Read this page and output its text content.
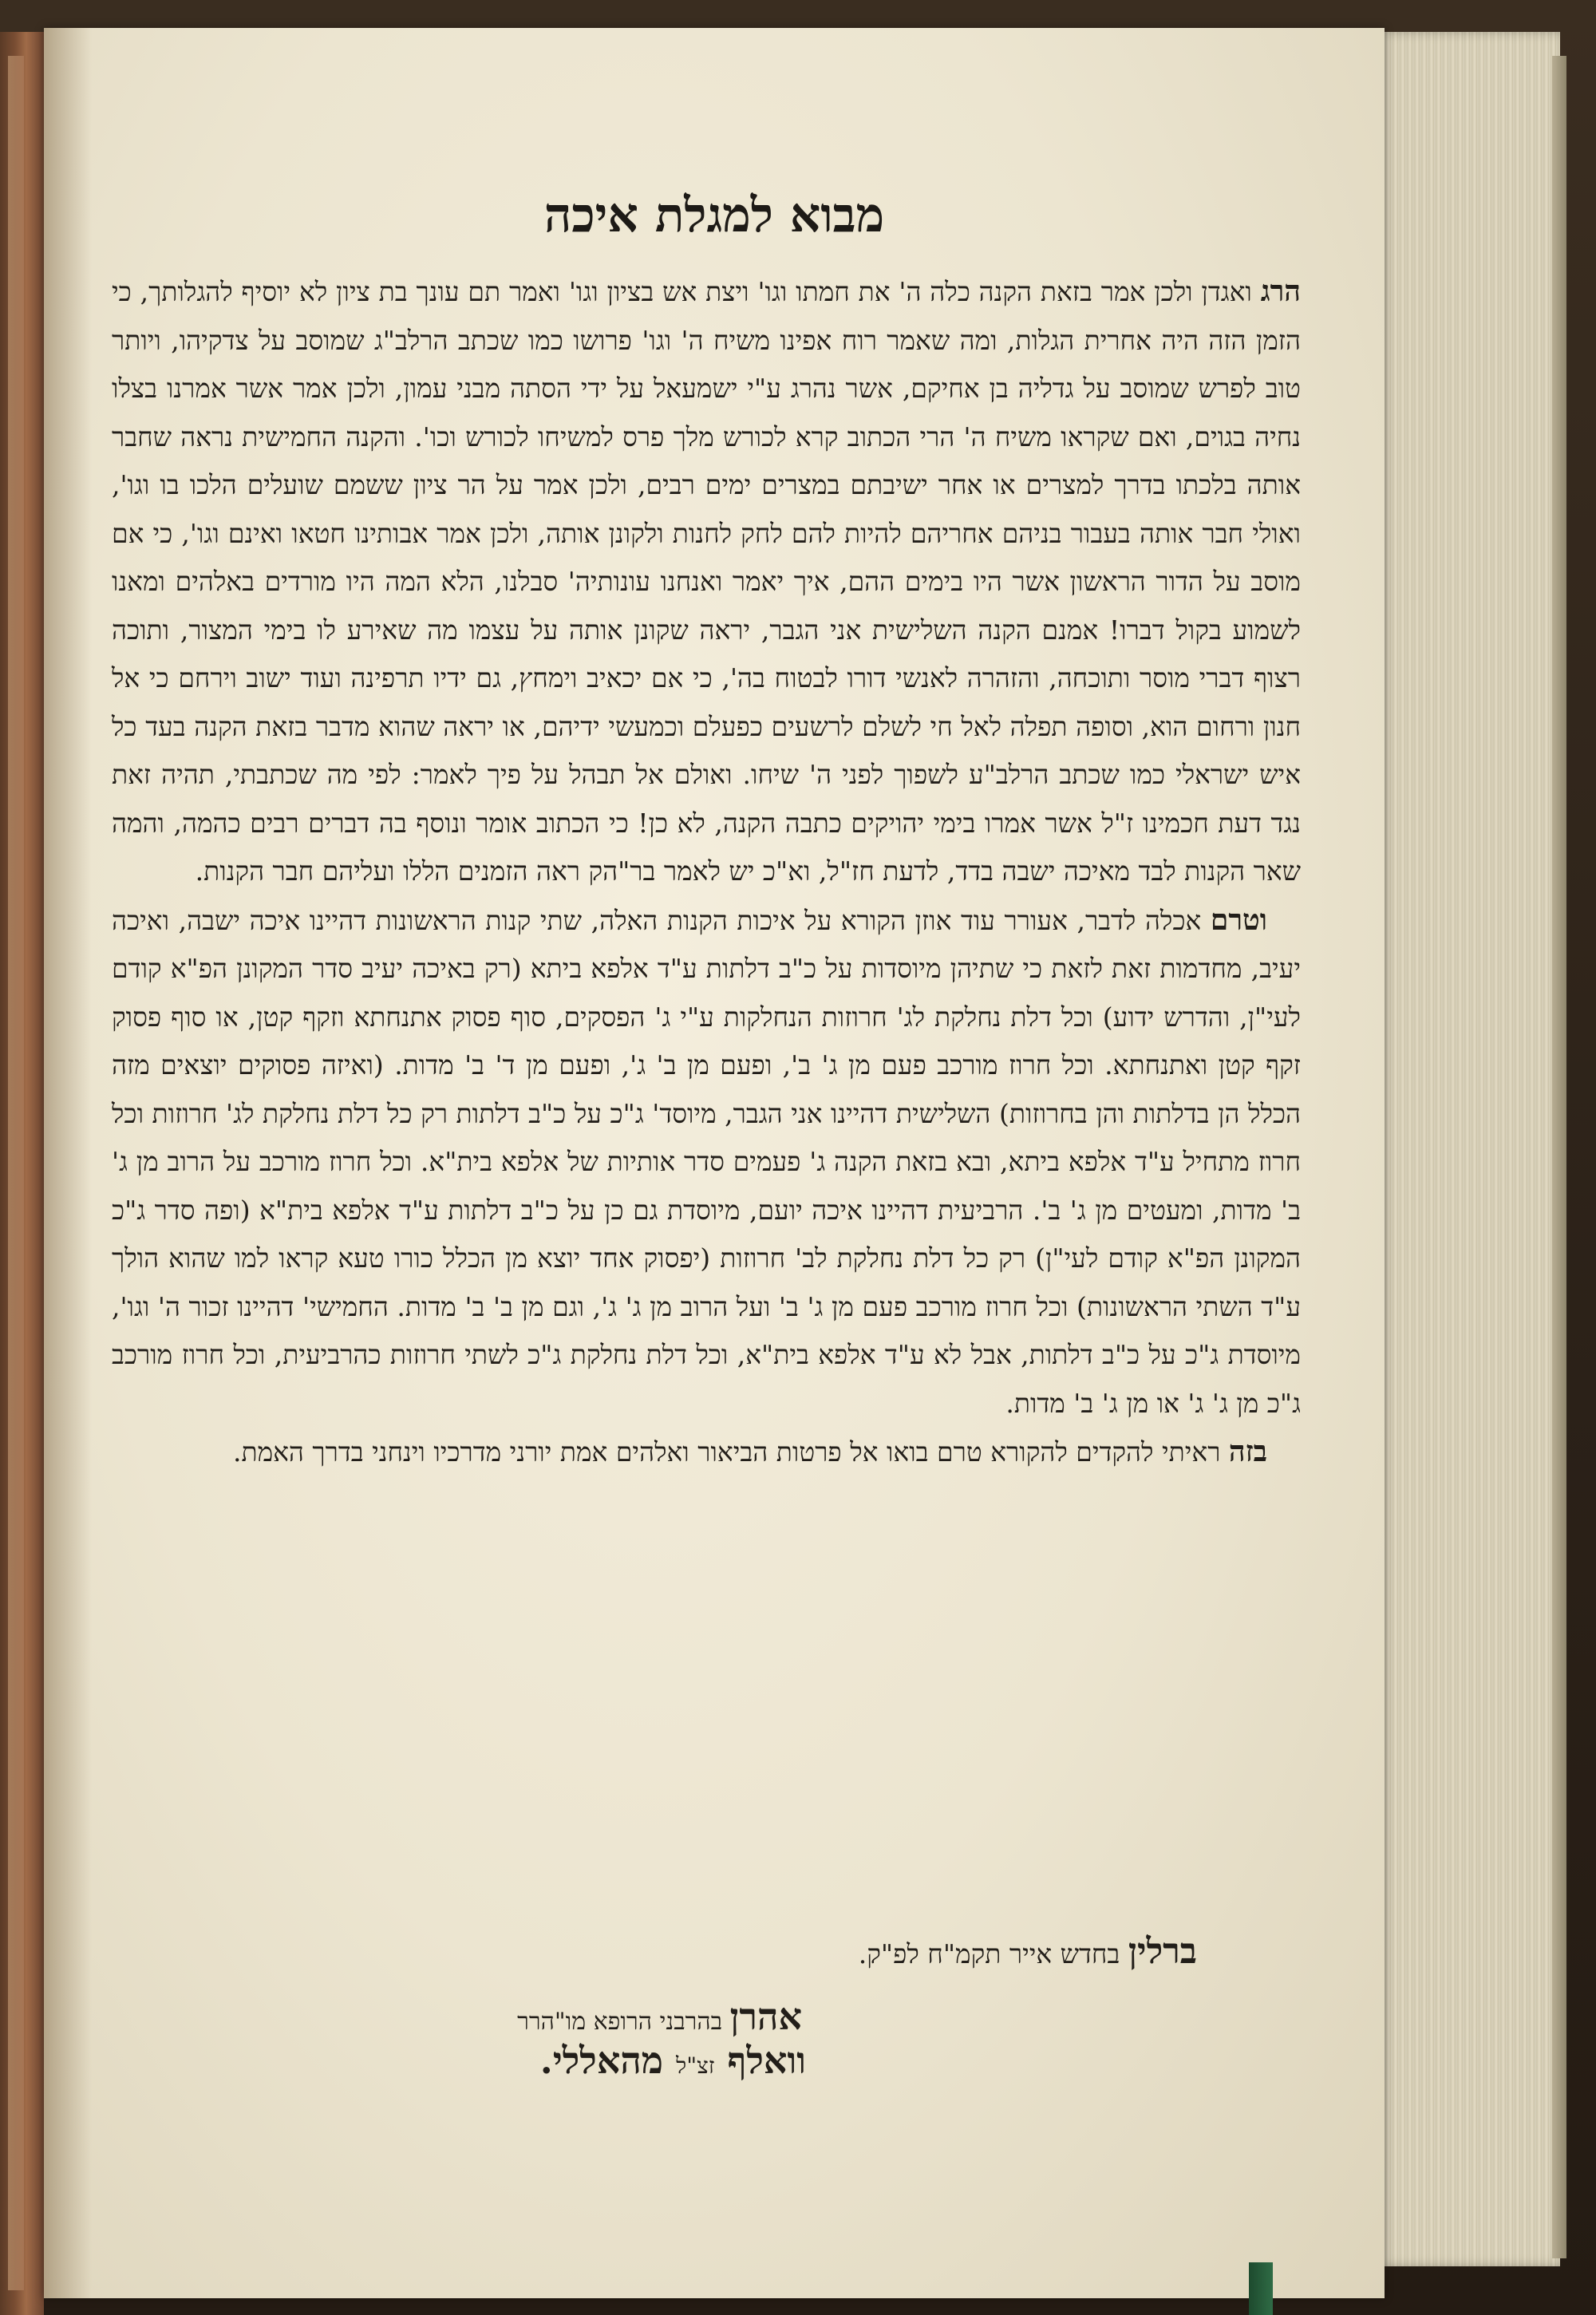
מבוא למגלת איכה

הרג ואגדן ולכן אמר בזאת הקנה כלה ה' את חמתו וגו' ויצת אש בציון וגו' ואמר תם עונך בת ציון לא יוסיף להגלותך, כי הזמן הזה היה אחרית הגלות, ומה שאמר רוח אפינו משיח ה' וגו' פרושו כמו שכתב הרלב"ג שמוסב על צדקיהו, ויותר טוב לפרש שמוסב על גדליה בן אחיקם, אשר נהרג ע"י ישמעאל על ידי הסתה מבני עמון, ולכן אמר אשר אמרנו בצלו נחיה בגוים, ואם שקראו משיח ה' הרי הכתוב קרא לכורש מלך פרס למשיחו לכורש וכו'. והקנה החמישית נראה שחבר אותה בלכתו בדרך למצרים או אחר ישיבתם במצרים ימים רבים, ולכן אמר על הר ציון ששמם שועלים הלכו בו וגו', ואולי חבר אותה בעבור בניהם אחריהם להיות להם לחק לחנות ולקונן אותה, ולכן אמר אבותינו חטאו ואינם וגו', כי אם מוסב על הדור הראשון אשר היו בימים ההם, איך יאמר ואנחנו עונותיה' סבלנו, הלא המה היו מורדים באלהים ומאנו לשמוע בקול דברו! אמנם הקנה השלישית אני הגבר, יראה שקונן אותה על עצמו מה שאירע לו בימי המצור, ותוכה רצוף דברי מוסר ותוכחה, והזהרה לאנשי דורו לבטוח בה', כי אם יכאיב וימחץ, גם ידיו תרפינה ועוד ישוב וירחם כי אל חנון ורחום הוא, וסופה תפלה לאל חי לשלם לרשעים כפעלם וכמעשי ידיהם, או יראה שהוא מדבר בזאת הקנה בעד כל איש ישראלי כמו שכתב הרלב"ע לשפוך לפני ה' שיחו. ואולם אל תבהל על פיך לאמר: לפי מה שכתבתי, תהיה זאת נגד דעת חכמינו ז"ל אשר אמרו בימי יהויקים כתבה הקנה, לא כן! כי הכתוב אומר ונוסף בה דברים רבים כהמה, והמה שאר הקנות לבד מאיכה ישבה בדד, לדעת חז"ל, וא"כ יש לאמר בר"הק ראה הזמנים הללו ועליהם חבר הקנות.

וטרם אכלה לדבר, אעורר עוד אוזן הקורא על איכות הקנות האלה, שתי קנות הראשונות דהיינו איכה ישבה, ואיכה יעיב, מחדמות זאת לזאת כי שתיהן מיוסדות על כ"ב דלתות ע"ד אלפא ביתא (רק באיכה יעיב סדר המקונן הפ"א קודם לעי"ן, והדרש ידוע) וכל דלת נחלקת לג' חרוזות הנחלקות ע"י ג' הפסקים, סוף פסוק אתנחתא וזקף קטן, או סוף פסוק זקף קטן ואתנחתא. וכל חרוז מורכב פעם מן ג' ב', ופעם מן ב' ג', ופעם מן ד' ב' מדות. (ואיזה פסוקים יוצאים מזה הכלל הן בדלתות והן בחרוזות) השלישית דהיינו אני הגבר, מיוסד' ג"כ על כ"ב דלתות רק כל דלת נחלקת לג' חרוזות וכל חרוז מתחיל ע"ד אלפא ביתא, ובא בזאת הקנה ג' פעמים סדר אותיות של אלפא בית"א. וכל חרוז מורכב על הרוב מן ג' ב' מדות, ומעטים מן ג' ב'. הרביעית דהיינו איכה יועם, מיוסדת גם כן על כ"ב דלתות ע"ד אלפא בית"א (ופה סדר ג"כ המקונן הפ"א קודם לעי"ן) רק כל דלת נחלקת לב' חרוזות (יפסוק אחד יוצא מן הכלל כורו טעא קראו למו שהוא הולך ע"ד השתי הראשונות) וכל חרוז מורכב פעם מן ג' ב' ועל הרוב מן ג' ג', וגם מן ב' ב' מדות. החמישי' דהיינו זכור ה' וגו', מיוסדת ג"כ על כ"ב דלתות, אבל לא ע"ד אלפא בית"א, וכל דלת נחלקת ג"כ לשתי חרוזות כהרביעית, וכל חרוז מורכב ג"כ מן ג' ג' או מן ג' ב' מדות.

בזה ראיתי להקדים להקורא טרם בואו אל פרטות הביאור ואלהים אמת יורני מדרכיו וינחני בדרך האמת.

ברלין בחדש אייר תקמ"ח לפ"ק.
אהרן בהרבני הרופא מו"הרר
וואלף זצ"ל מהאללי.
